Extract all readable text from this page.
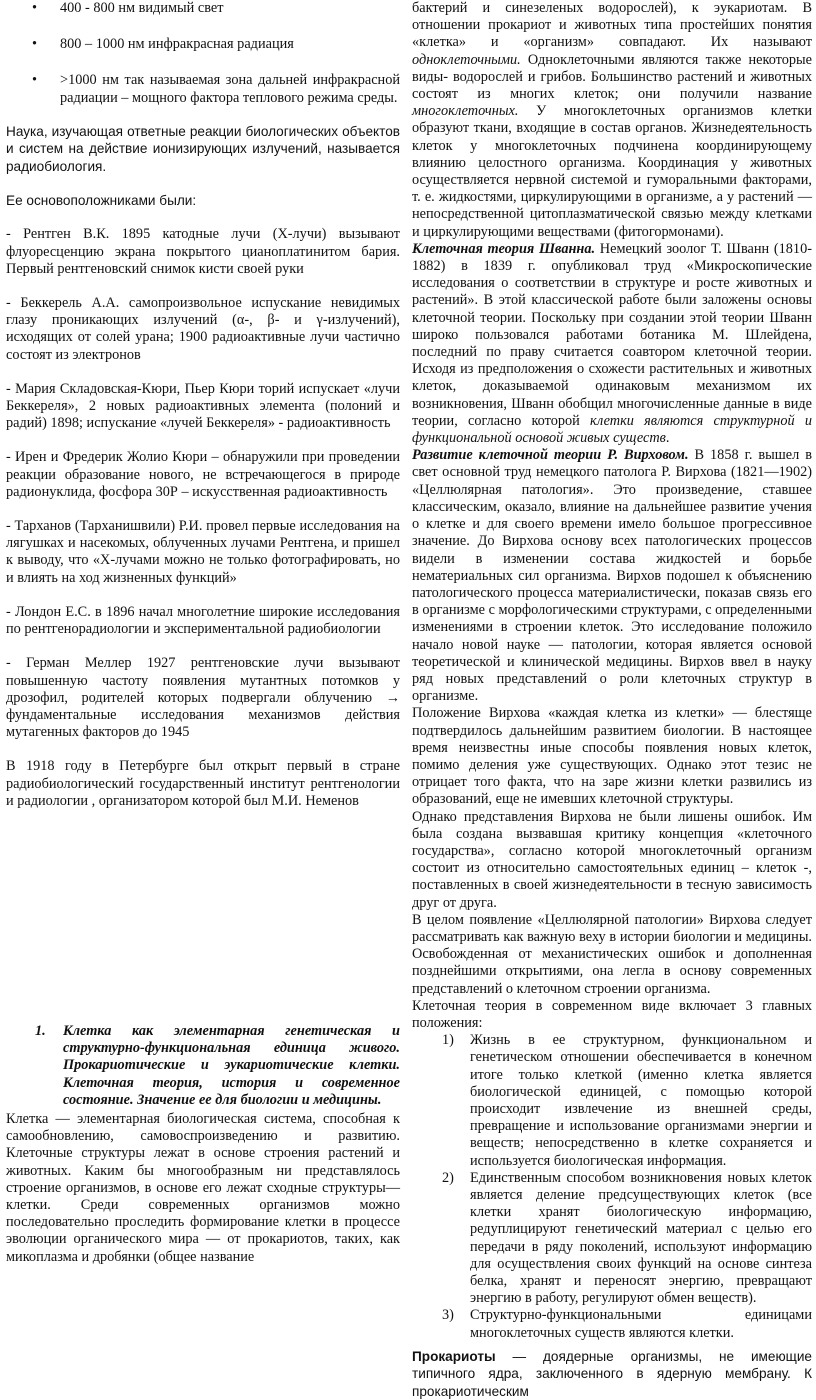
• 400 - 800 нм видимый свет
• 800 – 1000 нм инфракрасная радиация
• >1000 нм так называемая зона дальней инфракрасной радиации – мощного фактора теплового режима среды.

Наука, изучающая ответные реакции биологических объектов и систем на действие ионизирующих излучений, называется радиобиология.

Ее основоположниками были:

- Рентген В.К. 1895 катодные лучи (Х-лучи) вызывают флуоресценцию экрана покрытого цианоплатинитом бария. Первый рентгеновский снимок кисти своей руки

- Беккерель А.А. самопроизвольное испускание невидимых глазу проникающих излучений (α-, β- и γ-излучений), исходящих от солей урана; 1900 радиоактивные лучи частично состоят из электронов

- Мария Складовская-Кюри, Пьер Кюри торий испускает «лучи Беккереля», 2 новых радиоактивных элемента (полоний и радий) 1898; испускание «лучей Беккереля» - радиоактивность

- Ирен и Фредерик Жолио Кюри – обнаружили при проведении реакции образование нового, не встречающегося в природе радионуклида, фосфора 30Р – искусственная радиоактивность

- Тарханов (Тарханишвили) Р.И. провел первые исследования на лягушках и насекомых, облученных лучами Рентгена, и пришел к выводу, что «Х-лучами можно не только фотографировать, но и влиять на ход жизненных функций»

- Лондон Е.С. в 1896 начал многолетние широкие исследования по рентгенорадиологии и экспериментальной радиобиологии

- Герман Меллер 1927 рентгеновские лучи вызывают повышенную частоту появления мутантных потомков у дрозофил, родителей которых подвергали облучению → фундаментальные исследования механизмов действия мутагенных факторов до 1945

В 1918 году в Петербурге был открыт первый в стране радиобиологический государственный институт рентгенологии и радиологии , организатором которой был М.И. Неменов

1. Клетка как элементарная генетическая и структурно-функциональная единица живого. Прокариотические и эукариотические клетки. Клеточная теория, история и современное состояние. Значение ее для биологии и медицины.

Клетка — элементарная биологическая система, способная к самообновлению, самовоспроизведению и развитию. Клеточные структуры лежат в основе строения растений и животных. Каким бы многообразным ни представлялось строение организмов, в основе его лежат сходные структуры—клетки. Среди современных организмов можно последовательно проследить формирование клетки в процессе эволюции органического мира — от прокариотов, таких, как микоплазма и дробянки (общее название

бактерий и синезеленых водорослей), к эукариотам. В отношении прокариот и животных типа простейших понятия «клетка» и «организм» совпадают. Их называют одноклеточными. Одноклеточными являются также некоторые виды- водорослей и грибов. Большинство растений и животных состоят из многих клеток; они получили название многоклеточных. У многоклеточных организмов клетки образуют ткани, входящие в состав органов. Жизнедеятельность клеток у многоклеточных подчинена координирующему влиянию целостного организма. Координация у животных осуществляется нервной системой и гуморальными факторами, т. е. жидкостями, циркулирующими в организме, а у растений — непосредственной цитоплазматической связью между клетками и циркулирующими веществами (фитогормонами).

Клеточная теория Шванна. Немецкий зоолог Т. Шванн (1810-1882) в 1839 г. опубликовал труд «Микроскопические исследования о соответствии в структуре и росте животных и растений». В этой классической работе были заложены основы клеточной теории. Поскольку при создании этой теории Шванн широко пользовался работами ботаника М. Шлейдена, последний по праву считается соавтором клеточной теории. Исходя из предположения о схожести растительных и животных клеток, доказываемой одинаковым механизмом их возникновения, Шванн обобщил многочисленные данные в виде теории, согласно которой клетки являются структурной и функциональной основой живых существ.

Развитие клеточной теории Р. Вирховом. В 1858 г. вышел в свет основной труд немецкого патолога Р. Вирхова (1821—1902) «Целлюлярная патология». Это произведение, ставшее классическим, оказало, влияние на дальнейшее развитие учения о клетке и для своего времени имело большое прогрессивное значение. До Вирхова основу всех патологических процессов видели в изменении состава жидкостей и борьбе нематериальных сил организма. Вирхов подошел к объяснению патологического процесса материалистически, показав связь его в организме с морфологическими структурами, с определенными изменениями в строении клеток. Это исследование положило начало новой науке — патологии, которая является основой теоретической и клинической медицины. Вирхов ввел в науку ряд новых представлений о роли клеточных структур в организме.

Положение Вирхова «каждая клетка из клетки» — блестяще подтвердилось дальнейшим развитием биологии. В настоящее время неизвестны иные способы появления новых клеток, помимо деления уже существующих. Однако этот тезис не отрицает того факта, что на заре жизни клетки развились из образований, еще не имевших клеточной структуры.

Однако представления Вирхова не были лишены ошибок. Им была создана вызвавшая критику концепция «клеточного государства», согласно которой многоклеточный организм состоит из относительно самостоятельных единиц – клеток -, поставленных в своей жизнедеятельности в тесную зависимость друг от друга.

В целом появление «Целлюлярной патологии» Вирхова следует рассматривать как важную веху в истории биологии и медицины. Освобожденная от механистических ошибок и дополненная позднейшими открытиями, она легла в основу современных представлений о клеточном строении организма.

Клеточная теория в современном виде включает 3 главных положения:

1) Жизнь в ее структурном, функциональном и генетическом отношении обеспечивается в конечном итоге только клеткой (именно клетка является биологической единицей, с помощью которой происходит извлечение из внешней среды, превращение и использование организмами энергии и веществ; непосредственно в клетке сохраняется и используется биологическая информация.
2) Единственным способом возникновения новых клеток является деление предсуществующих клеток (все клетки хранят биологическую информацию, редуплицируют генетический материал с целью его передачи в ряду поколений, используют информацию для осуществления своих функций на основе синтеза белка, хранят и переносят энергию, превращают энергию в работу, регулируют обмен веществ).
3) Структурно-функциональными единицами многоклеточных существ являются клетки.

Прокариоты — доядерные организмы, не имеющие типичного ядра, заключенного в ядерную мембрану. К прокариотическим
